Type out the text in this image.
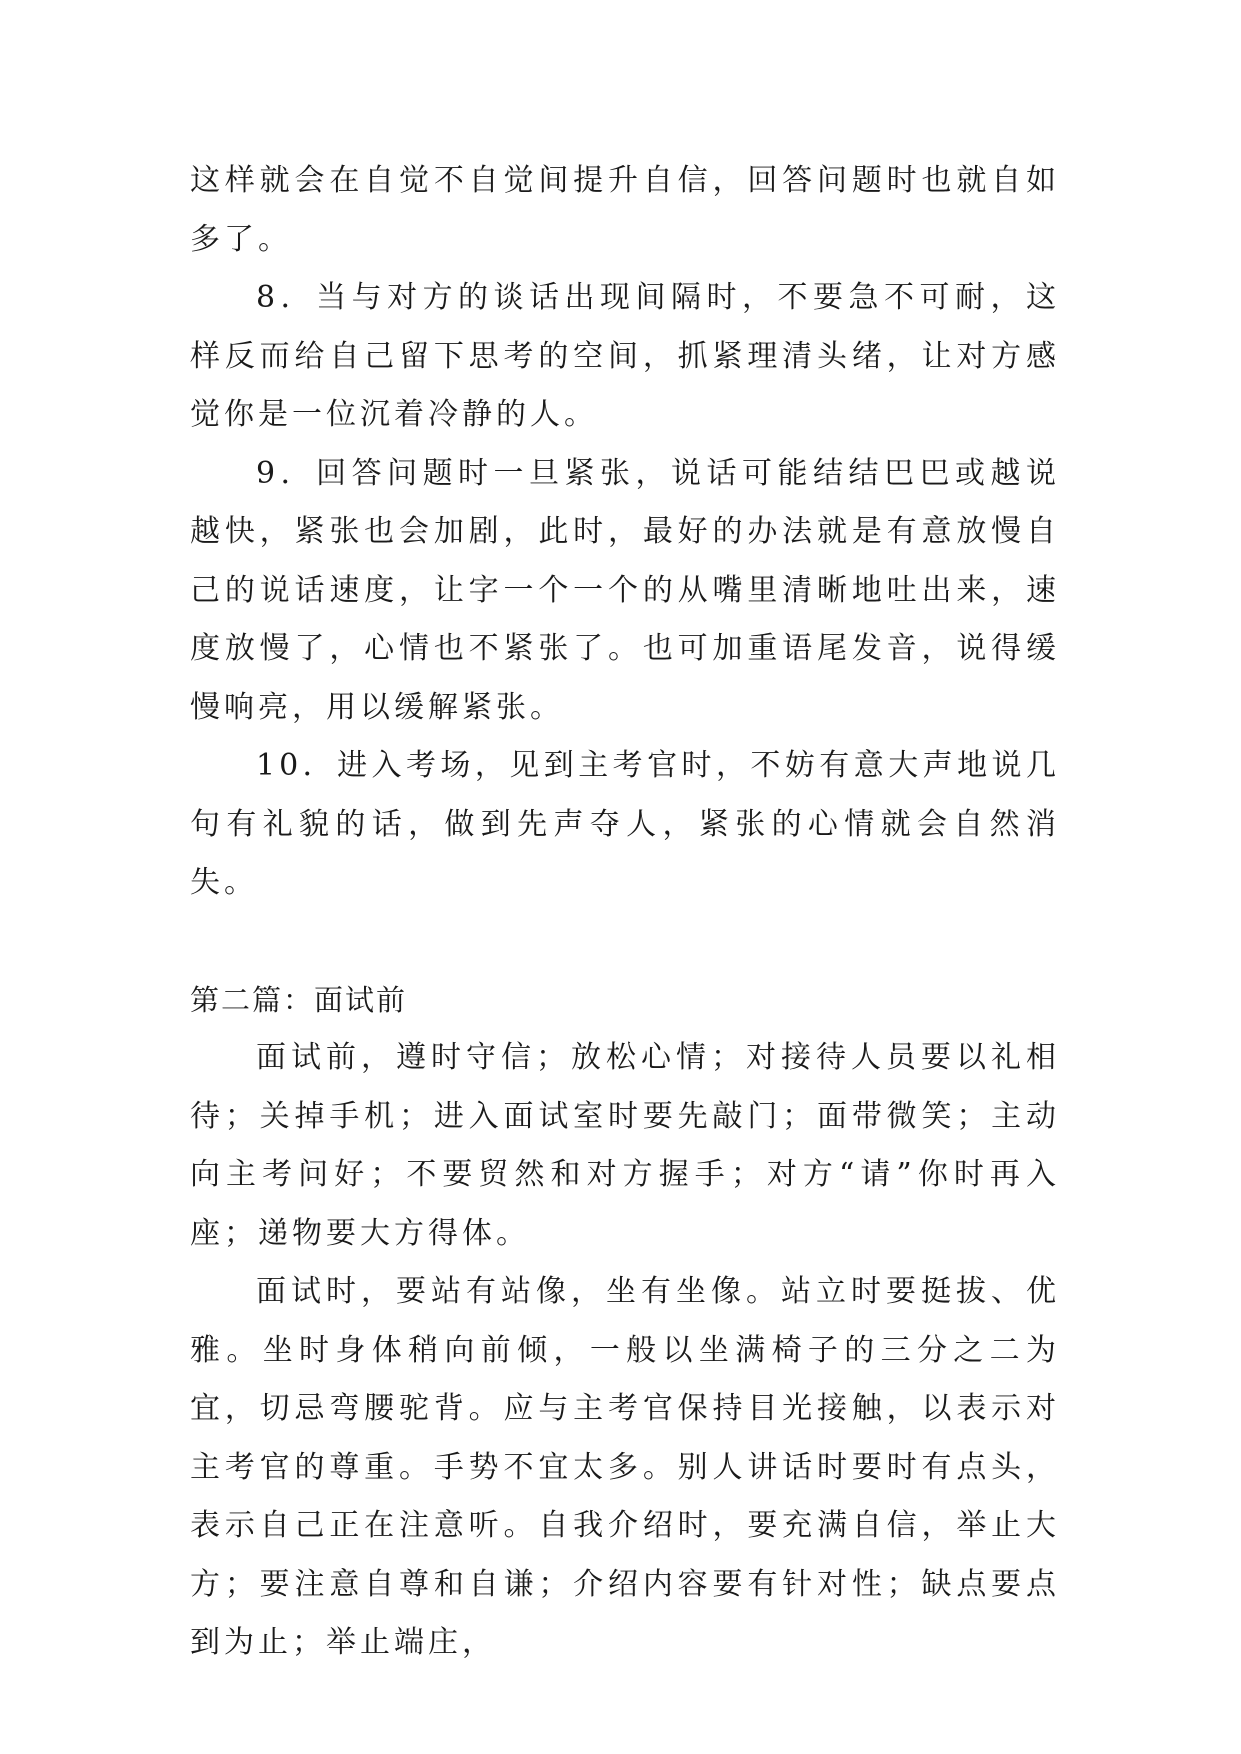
这样就会在自觉不自觉间提升自信，回答问题时也就自如多了。

8．当与对方的谈话出现间隔时，不要急不可耐，这样反而给自己留下思考的空间，抓紧理清头绪，让对方感觉你是一位沉着冷静的人。

9．回答问题时一旦紧张，说话可能结结巴巴或越说越快，紧张也会加剧，此时，最好的办法就是有意放慢自己的说话速度，让字一个一个的从嘴里清晰地吐出来，速度放慢了，心情也不紧张了。也可加重语尾发音，说得缓慢响亮，用以缓解紧张。

10．进入考场，见到主考官时，不妨有意大声地说几句有礼貌的话，做到先声夺人，紧张的心情就会自然消失。

第二篇：面试前

面试前，遵时守信；放松心情；对接待人员要以礼相待；关掉手机；进入面试室时要先敲门；面带微笑；主动向主考问好；不要贸然和对方握手；对方“请”你时再入座；递物要大方得体。

面试时，要站有站像，坐有坐像。站立时要挺拔、优雅。坐时身体稍向前倾，一般以坐满椅子的三分之二为宜，切忌弯腰驼背。应与主考官保持目光接触，以表示对主考官的尊重。手势不宜太多。别人讲话时要时有点头，表示自己正在注意听。自我介绍时，要充满自信，举止大方；要注意自尊和自谦；介绍内容要有针对性；缺点要点到为止；举止端庄，
